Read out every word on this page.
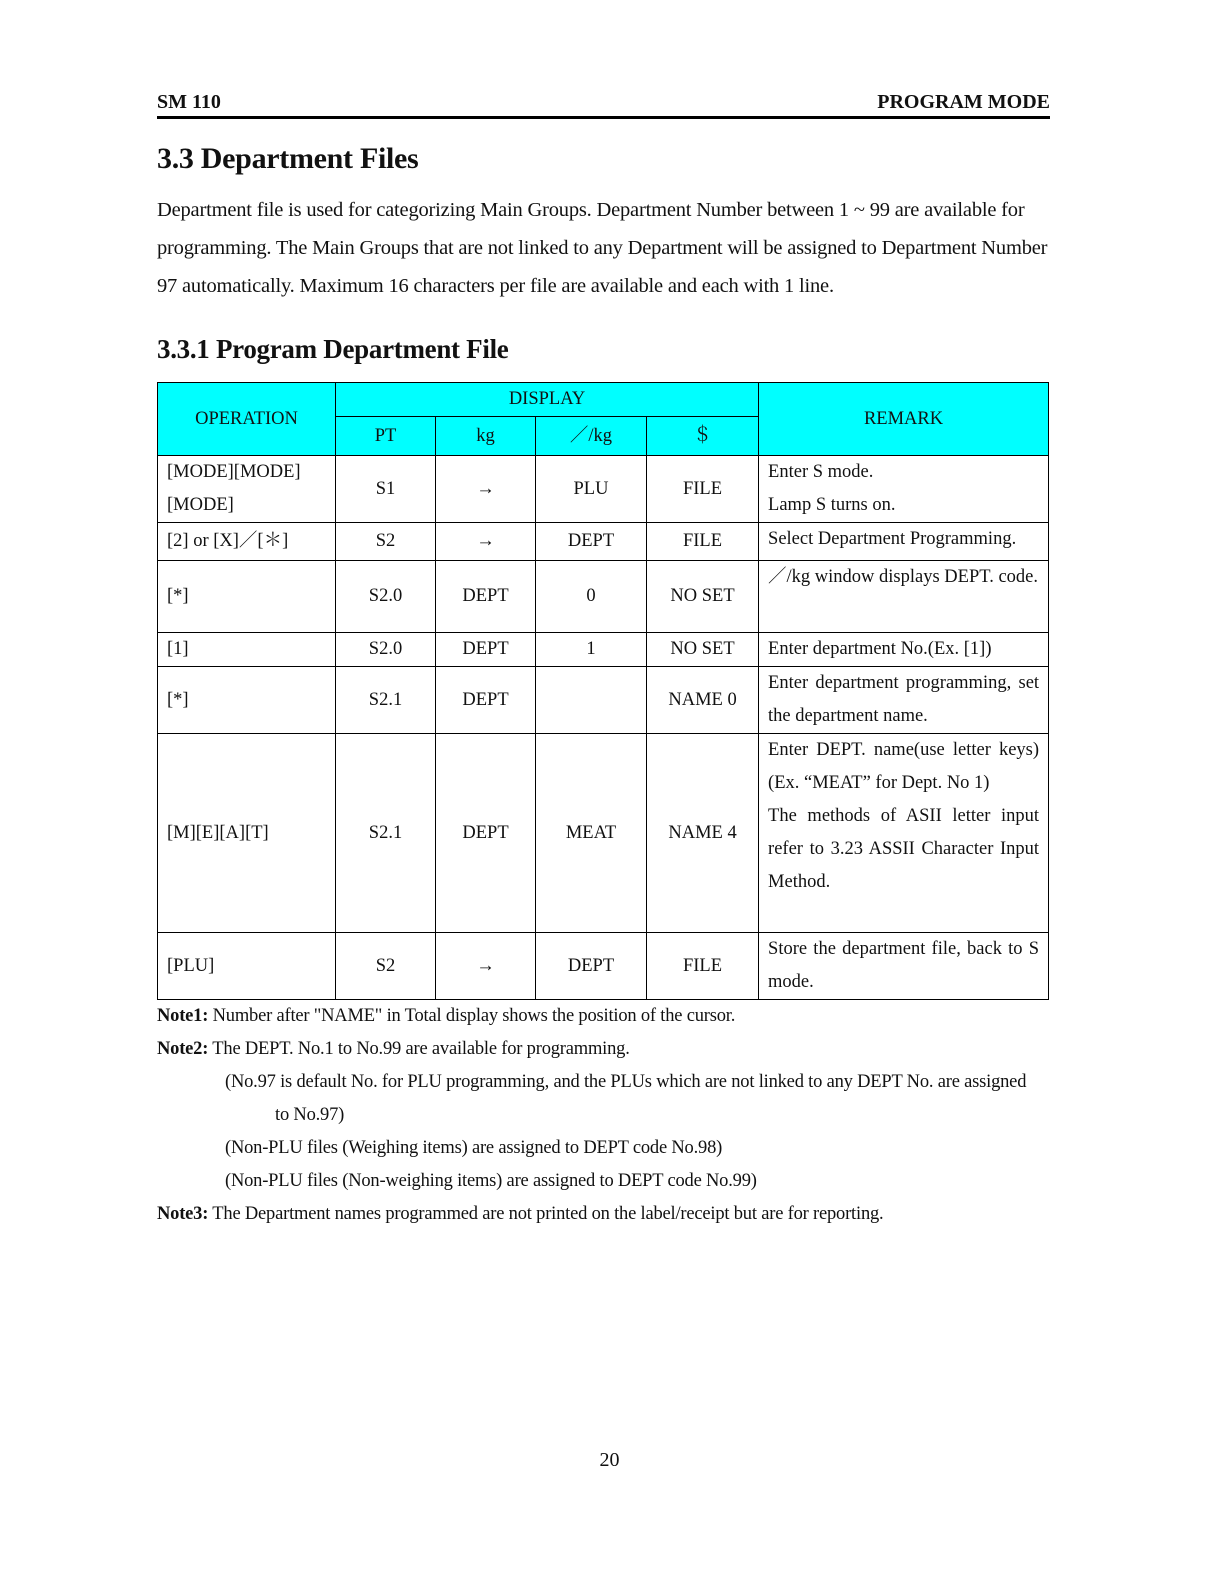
SM 110	PROGRAM MODE
3.3 Department Files

Department file is used for categorizing Main Groups. Department Number between 1 ~ 99 are available for programming. The Main Groups that are not linked to any Department will be assigned to Department Number 97 automatically. Maximum 16 characters per file are available and each with 1 line.

3.3.1 Program Department File
OPERATION	DISPLAY				REMARK
	PT	kg	／/kg	＄	
[MODE][MODE][MODE]	S1	→	PLU	FILE	Enter S mode.
Lamp S turns on.
[2] or [X]／[＊]	S2	→	DEPT	FILE	Select Department Programming.
[*]	S2.0	DEPT	0	NO SET	／/kg window displays DEPT. code.
[1]	S2.0	DEPT	1	NO SET	Enter department No.(Ex. [1])
[*]	S2.1	DEPT		NAME 0	Enter department programming, set the department name.
[M][E][A][T]	S2.1	DEPT	MEAT	NAME 4	Enter DEPT. name(use letter keys)(Ex. “MEAT” for Dept. No 1)
The methods of ASII letter input refer to 3.23 ASSII Character Input Method.
[PLU]	S2	→	DEPT	FILE	Store the department file, back to S mode.
Note1: Number after "NAME" in Total display shows the position of the cursor.
Note2: The DEPT. No.1 to No.99 are available for programming.
(No.97 is default No. for PLU programming, and the PLUs which are not linked to any DEPT No. are assigned
to No.97)
(Non-PLU files (Weighing items) are assigned to DEPT code No.98)
(Non-PLU files (Non-weighing items) are assigned to DEPT code No.99)
Note3: The Department names programmed are not printed on the label/receipt but are for reporting.
20
